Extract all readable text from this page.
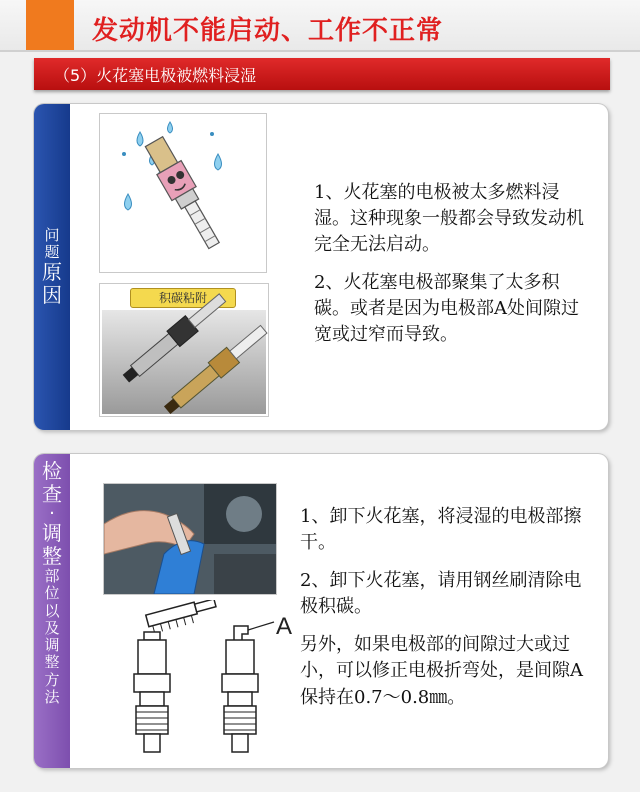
发动机不能启动、工作不正常
（5）火花塞电极被燃料浸湿
问
题
原
因	积碳粘附

1、火花塞的电极被太多燃料浸湿。这种现象一般都会导致发动机完全无法启动。

2、火花塞电极部聚集了太多积碳。或者是因为电极部A处间隙过宽或过窄而导致。

检
查
·
调
整
部
位
以
及
调
整
方
法
A

1、卸下火花塞，将浸湿的电极部擦干。

2、卸下火花塞，请用钢丝刷清除电极积碳。

另外，如果电极部的间隙过大或过小，可以修正电极折弯处，是间隙A保持在0.7～0.8㎜。
